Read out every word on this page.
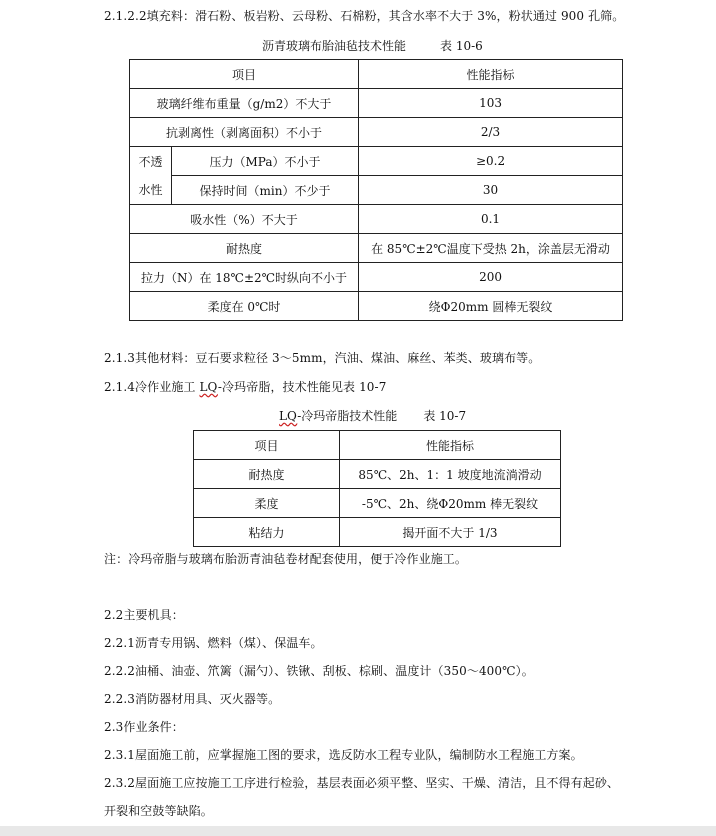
2.1.2.2填充料：滑石粉、板岩粉、云母粉、石棉粉，其含水率不大于 3%，粉状通过 900 孔筛。
沥青玻璃布胎油毡技术性能	表 10-6
项目		性能指标
玻璃纤维布重量（g/m2）不大于		103
抗剥离性（剥离面积）不小于		2/3
不透
水性	压力（MPa）不小于	≥0.2
	保持时间（min）不少于	30
吸水性（%）不大于		0.1
耐热度		在 85℃±2℃温度下受热 2h，涂盖层无滑动
拉力（N）在 18℃±2℃时纵向不小于		200
柔度在 0℃时		绕Φ20mm 圆棒无裂纹
2.1.3其他材料：豆石要求粒径 3～5mm，汽油、煤油、麻丝、苯类、玻璃布等。
2.1.4冷作业施工 LQ-冷玛帝脂，技术性能见表 10-7
LQ-冷玛帝脂技术性能 表 10-7
项目	性能指标
耐热度	85℃、2h、1：1 坡度地流淌滑动
柔度	-5℃、2h、绕Φ20mm 棒无裂纹
粘结力	揭开面不大于 1/3
注：冷玛帝脂与玻璃布胎沥青油毡卷材配套使用，便于冷作业施工。
2.2主要机具：
2.2.1沥青专用锅、燃料（煤）、保温车。
2.2.2油桶、油壶、笊篱（漏勺）、铁锹、刮板、棕刷、温度计（350～400℃）。
2.2.3消防器材用具、灭火器等。
2.3作业条件：
2.3.1屋面施工前，应掌握施工图的要求，选反防水工程专业队，编制防水工程施工方案。
2.3.2屋面施工应按施工工序进行检验，基层表面必须平整、坚实、干燥、清洁，且不得有起砂、
开裂和空鼓等缺陷。
